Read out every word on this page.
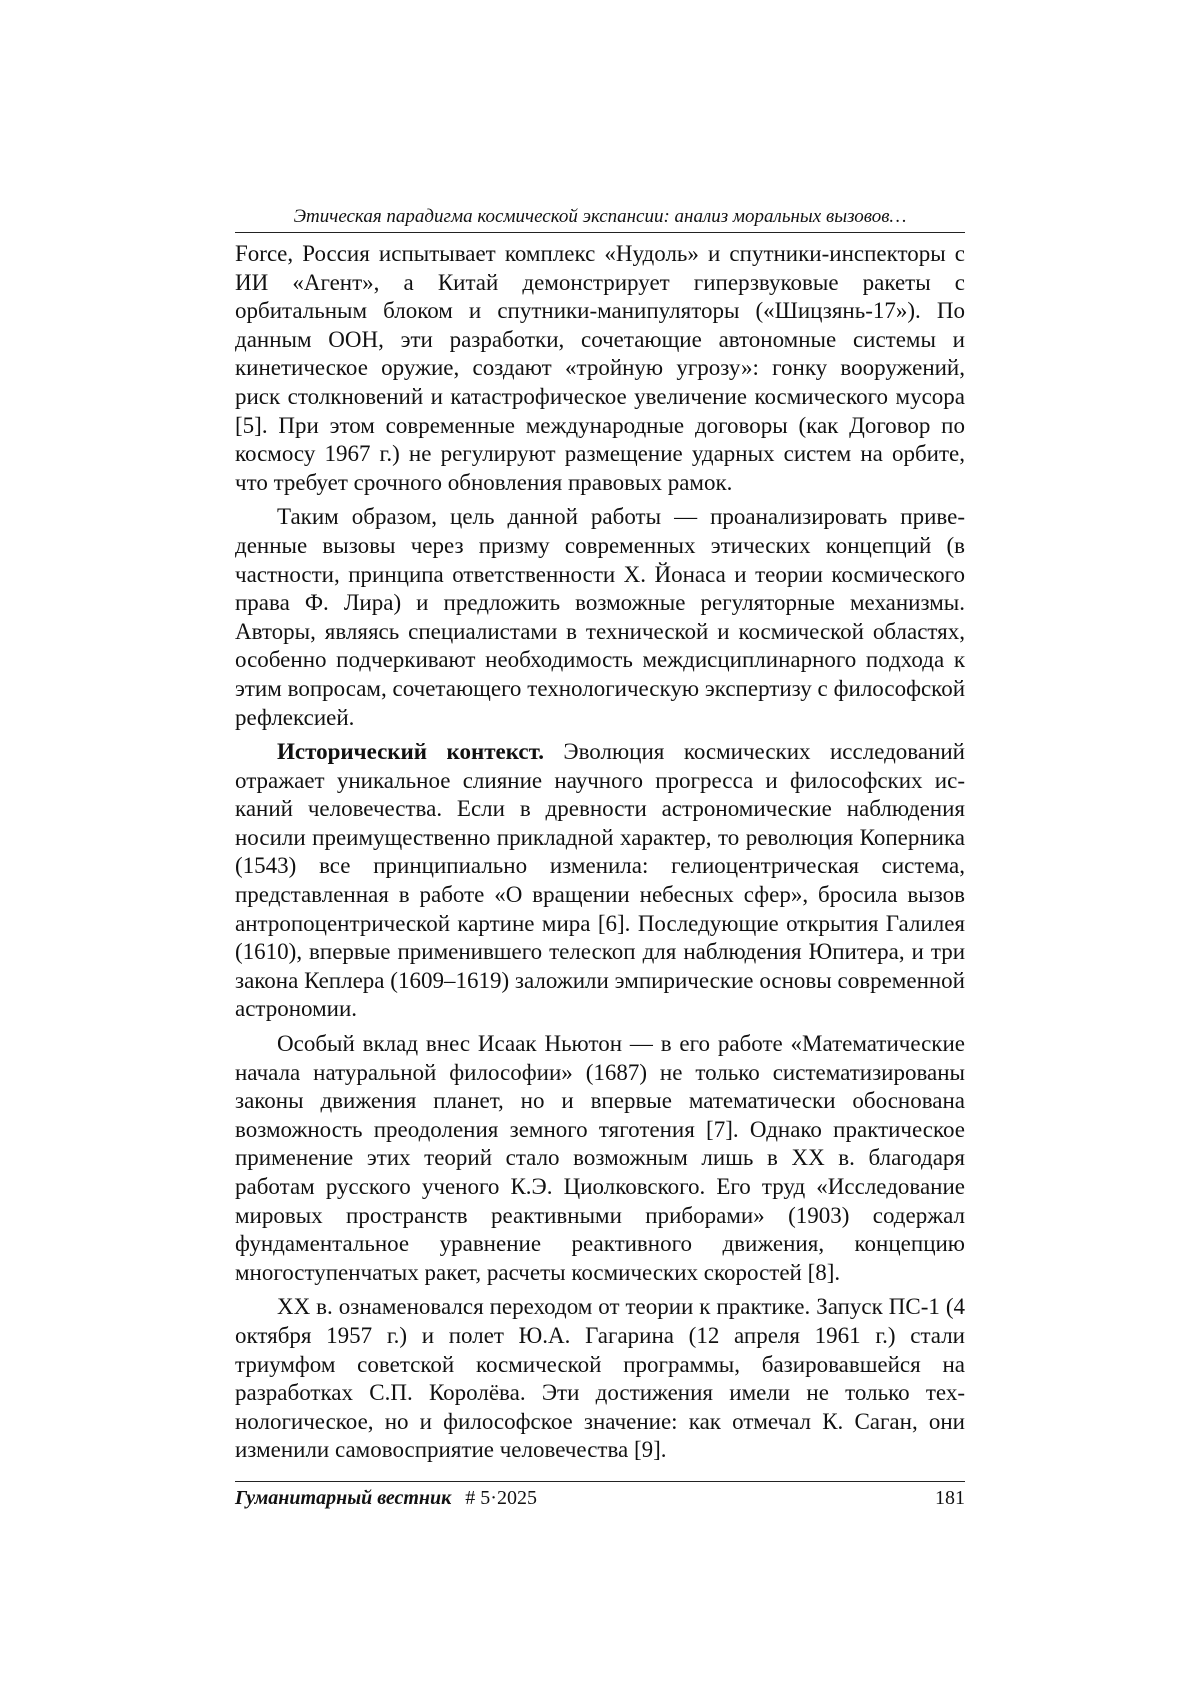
Этическая парадигма космической экспансии: анализ моральных вызовов…

Force, Россия испытывает комплекс «Нудоль» и спутники-инспекторы с ИИ «Агент», а Китай демонстрирует гиперзвуковые ракеты с орбитальным блоком и спутники-манипуляторы («Шицзянь-17»). По данным ООН, эти разработки, сочетающие автономные системы и кинетическое оружие, создают «тройную угрозу»: гонку вооружений, риск столкновений и катастрофическое увеличение космического мусора [5]. При этом современные международные договоры (как Договор по космосу 1967 г.) не регулируют размещение ударных систем на орбите, что требует срочного обновления правовых рамок.

Таким образом, цель данной работы — проанализировать приведенные вызовы через призму современных этических концепций (в частности, принципа ответственности Х. Йонаса и теории космического права Ф. Лира) и предложить возможные регуляторные механизмы. Авторы, являясь специалистами в технической и космической областях, особенно подчеркивают необходимость междисциплинарного подхода к этим вопросам, сочетающего технологическую экспертизу с философской рефлексией.

Исторический контекст. Эволюция космических исследований отражает уникальное слияние научного прогресса и философских исканий человечества. Если в древности астрономические наблюдения носили преимущественно прикладной характер, то революция Коперника (1543) все принципиально изменила: гелиоцентрическая система, представленная в работе «О вращении небесных сфер», бросила вызов антропоцентрической картине мира [6]. Последующие открытия Галилея (1610), впервые применившего телескоп для наблюдения Юпитера, и три закона Кеплера (1609–1619) заложили эмпирические основы современной астрономии.

Особый вклад внес Исаак Ньютон — в его работе «Математические начала натуральной философии» (1687) не только систематизированы законы движения планет, но и впервые математически обоснована возможность преодоления земного тяготения [7]. Однако практическое применение этих теорий стало возможным лишь в XX в. благодаря работам русского ученого К.Э. Циолковского. Его труд «Исследование мировых пространств реактивными приборами» (1903) содержал фундаментальное уравнение реактивного движения, концепцию многоступенчатых ракет, расчеты космических скоростей [8].

XX в. ознаменовался переходом от теории к практике. Запуск ПС-1 (4 октября 1957 г.) и полет Ю.А. Гагарина (12 апреля 1961 г.) стали триумфом советской космической программы, базировавшейся на разработках С.П. Королёва. Эти достижения имели не только технологическое, но и философское значение: как отмечал К. Саган, они изменили самовосприятие человечества [9].

Гуманитарный вестник # 5·2025	181
